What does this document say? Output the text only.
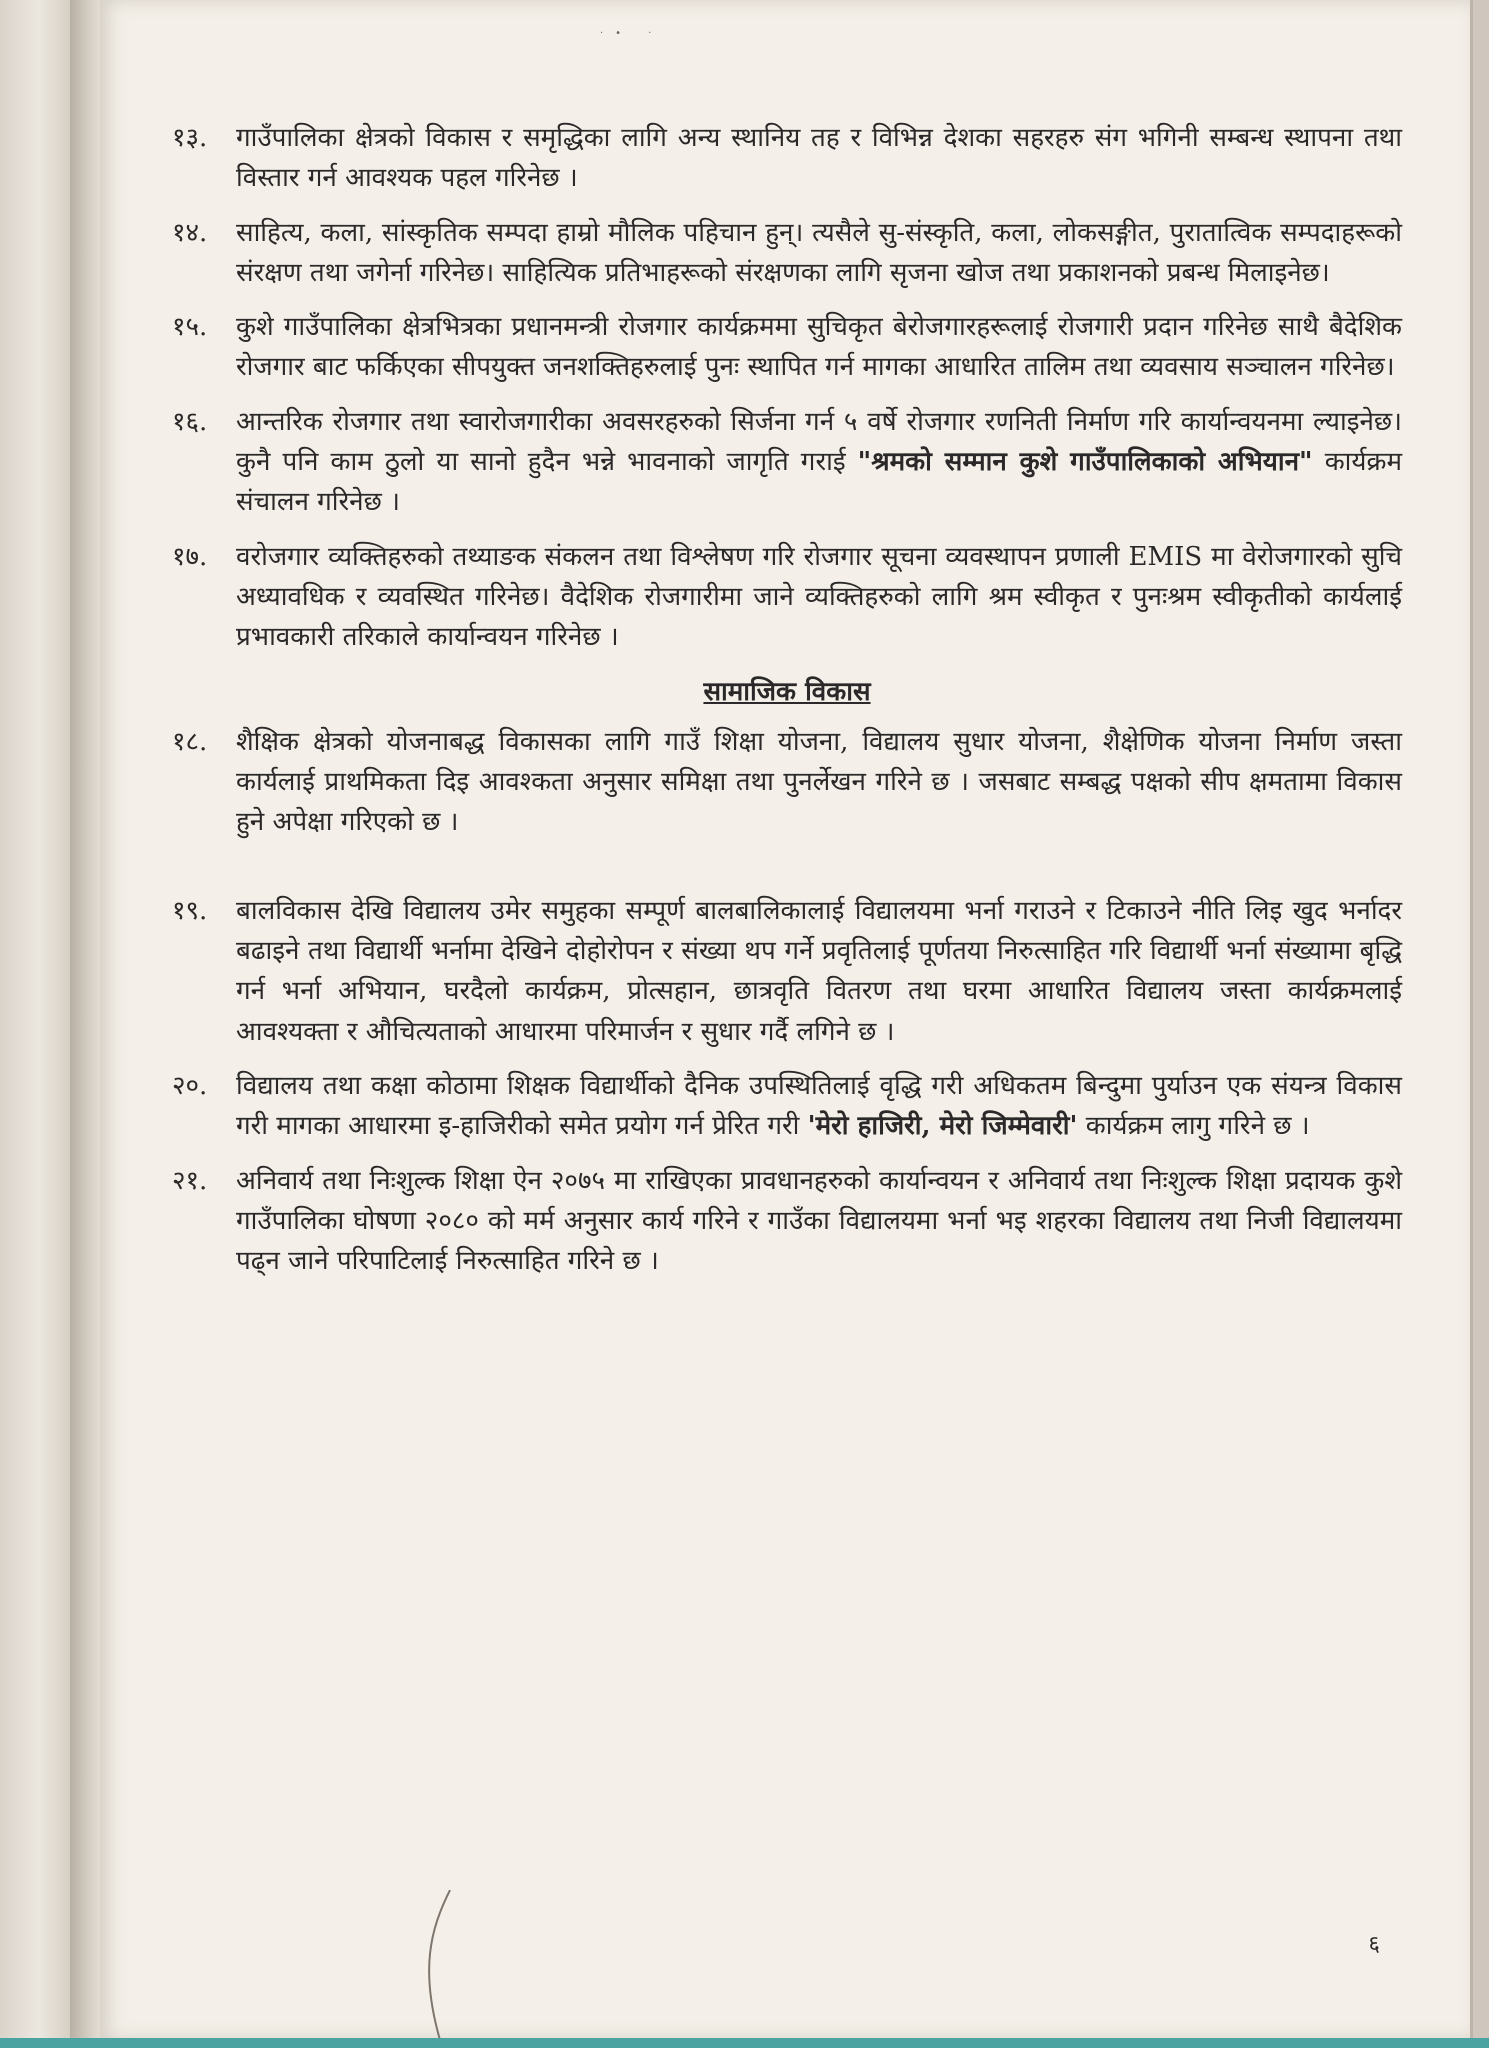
·• ·
१३.	गाउँपालिका क्षेत्रको विकास र समृद्धिका लागि अन्य स्थानिय तह र विभिन्न देशका सहरहरु संग भगिनी सम्बन्ध स्थापना तथा विस्तार गर्न आवश्यक पहल गरिनेछ ।
१४.	साहित्य, कला, सांस्कृतिक सम्पदा हाम्रो मौलिक पहिचान हुन्। त्यसैले सु-संस्कृति, कला, लोकसङ्गीत, पुरातात्विक सम्पदाहरूको संरक्षण तथा जगेर्ना गरिनेछ। साहित्यिक प्रतिभाहरूको संरक्षणका लागि सृजना खोज तथा प्रकाशनको प्रबन्ध मिलाइनेछ।
१५.	कुशे गाउँपालिका क्षेत्रभित्रका प्रधानमन्त्री रोजगार कार्यक्रममा सुचिकृत बेरोजगारहरूलाई रोजगारी प्रदान गरिनेछ साथै बैदेशिक रोजगार बाट फर्किएका सीपयुक्त जनशक्तिहरुलाई पुनः स्थापित गर्न मागका आधारित तालिम तथा व्यवसाय सञ्चालन गरिनेछ।
१६.	आन्तरिक रोजगार तथा स्वारोजगारीका अवसरहरुको सिर्जना गर्न ५ वर्षे रोजगार रणनिती निर्माण गरि कार्यान्वयनमा ल्याइनेछ। कुनै पनि काम ठुलो या सानो हुदैन भन्ने भावनाको जागृति गराई "श्रमको सम्मान कुशे गाउँपालिकाको अभियान" कार्यक्रम संचालन गरिनेछ ।
१७.	वरोजगार व्यक्तिहरुको तथ्याङक संकलन तथा विश्लेषण गरि रोजगार सूचना व्यवस्थापन प्रणाली EMIS मा वेरोजगारको सुचि अध्यावधिक र व्यवस्थित गरिनेछ। वैदेशिक रोजगारीमा जाने व्यक्तिहरुको लागि श्रम स्वीकृत र पुनःश्रम स्वीकृतीको कार्यलाई प्रभावकारी तरिकाले कार्यान्वयन गरिनेछ ।
सामाजिक विकास
१८.	शैक्षिक क्षेत्रको योजनाबद्ध विकासका लागि गाउँ शिक्षा योजना, विद्यालय सुधार योजना, शैक्षेणिक योजना निर्माण जस्ता कार्यलाई प्राथमिकता दिइ आवश्कता अनुसार समिक्षा तथा पुनर्लेखन गरिने छ । जसबाट सम्बद्ध पक्षको सीप क्षमतामा विकास हुने अपेक्षा गरिएको छ ।
१९.	बालविकास देखि विद्यालय उमेर समुहका सम्पूर्ण बालबालिकालाई विद्यालयमा भर्ना गराउने र टिकाउने नीति लिइ खुद भर्नादर बढाइने तथा विद्यार्थी भर्नामा देखिने दोहोरोपन र संख्या थप गर्ने प्रवृतिलाई पूर्णतया निरुत्साहित गरि विद्यार्थी भर्ना संख्यामा बृद्धि गर्न भर्ना अभियान, घरदैलो कार्यक्रम, प्रोत्सहान, छात्रवृति वितरण तथा घरमा आधारित विद्यालय जस्ता कार्यक्रमलाई आवश्यक्ता र औचित्यताको आधारमा परिमार्जन र सुधार गर्दै लगिने छ ।
२०.	विद्यालय तथा कक्षा कोठामा शिक्षक विद्यार्थीको दैनिक उपस्थितिलाई वृद्धि गरी अधिकतम बिन्दुमा पुर्याउन एक संयन्त्र विकास गरी मागका आधारमा इ-हाजिरीको समेत प्रयोग गर्न प्रेरित गरी 'मेरो हाजिरी, मेरो जिम्मेवारी' कार्यक्रम लागु गरिने छ ।
२१.	अनिवार्य तथा निःशुल्क शिक्षा ऐन २०७५ मा राखिएका प्रावधानहरुको कार्यान्वयन र अनिवार्य तथा निःशुल्क शिक्षा प्रदायक कुशे गाउँपालिका घोषणा २०८० को मर्म अनुसार कार्य गरिने र गाउँका विद्यालयमा भर्ना भइ शहरका विद्यालय तथा निजी विद्यालयमा पढ्न जाने परिपाटिलाई निरुत्साहित गरिने छ ।
६
